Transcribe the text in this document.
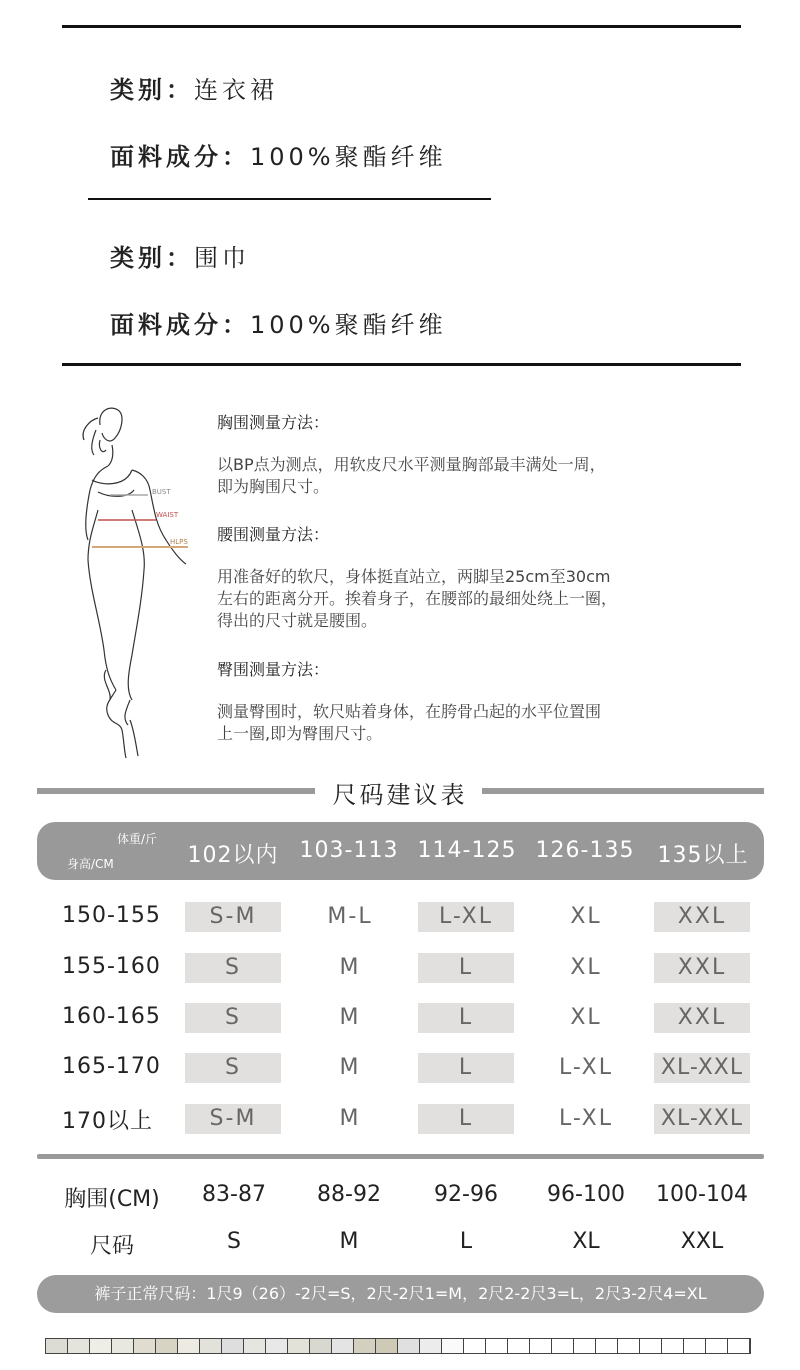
类别：连衣裙
面料成分：100%聚酯纤维
类别：围巾
面料成分：100%聚酯纤维
BUST
WAIST
HLPS
胸围测量方法：
以BP点为测点，用软皮尺水平测量胸部最丰满处一周，
即为胸围尺寸。
腰围测量方法：
用准备好的软尺，身体挺直站立，两脚呈25cm至30cm
左右的距离分开。挨着身子，在腰部的最细处绕上一圈，
得出的尺寸就是腰围。
臀围测量方法：
测量臀围时，软尺贴着身体，在胯骨凸起的水平位置围
上一圈,即为臀围尺寸。
尺码建议表
体重/斤
身高/CM	102以内 103-113 114-125 126-135	135以上
150-155	S-M	M-L	L-XL	XL	XXL
155-160	S	M	L	XL	XXL
160-165	S	M	L	XL	XXL
165-170	S	M	L	L-XL	XL-XXL
170以上	S-M	M	L	L-XL	XL-XXL
胸围(CM)	83-87	88-92	92-96	96-100	100-104
尺码	S	M	L	XL	XXL
裤子正常尺码：1尺9（26）-2尺=S，2尺-2尺1=M，2尺2-2尺3=L，2尺3-2尺4=XL
